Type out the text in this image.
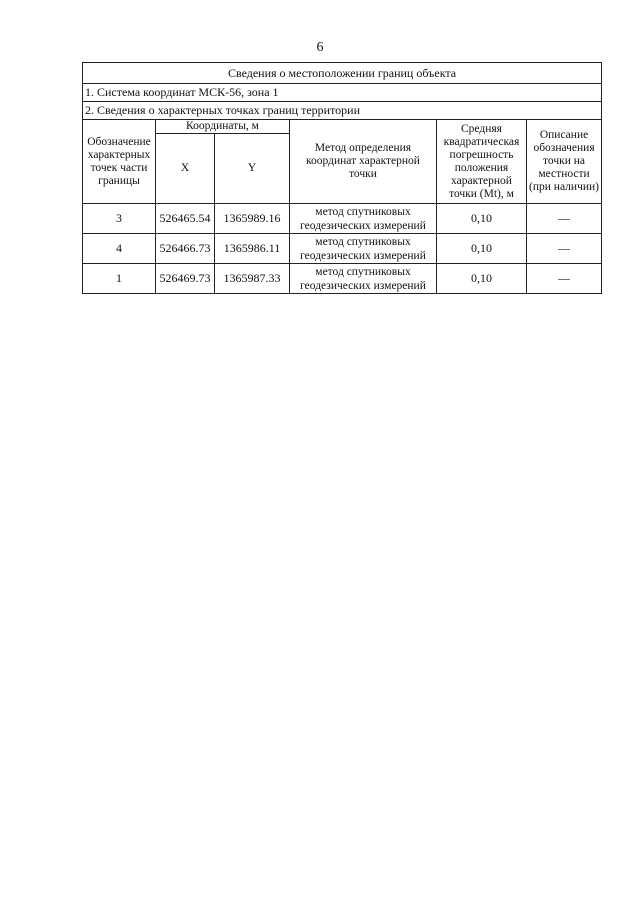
6
Сведения о местоположении границ объекта					
1. Система координат МСК-56, зона 1					
2. Сведения о характерных точках границ территории					
Обозначение характерных точек части границы	Координаты, м		Метод определения координат характерной точки	Средняя квадратическая погрешность положения характерной точки (Mt), м	Описание обозначения точки на местности (при наличии)
	X	Y			
3	526465.54	1365989.16	метод спутниковых геодезических измерений	0,10	—
4	526466.73	1365986.11	метод спутниковых геодезических измерений	0,10	—
1	526469.73	1365987.33	метод спутниковых геодезических измерений	0,10	—
